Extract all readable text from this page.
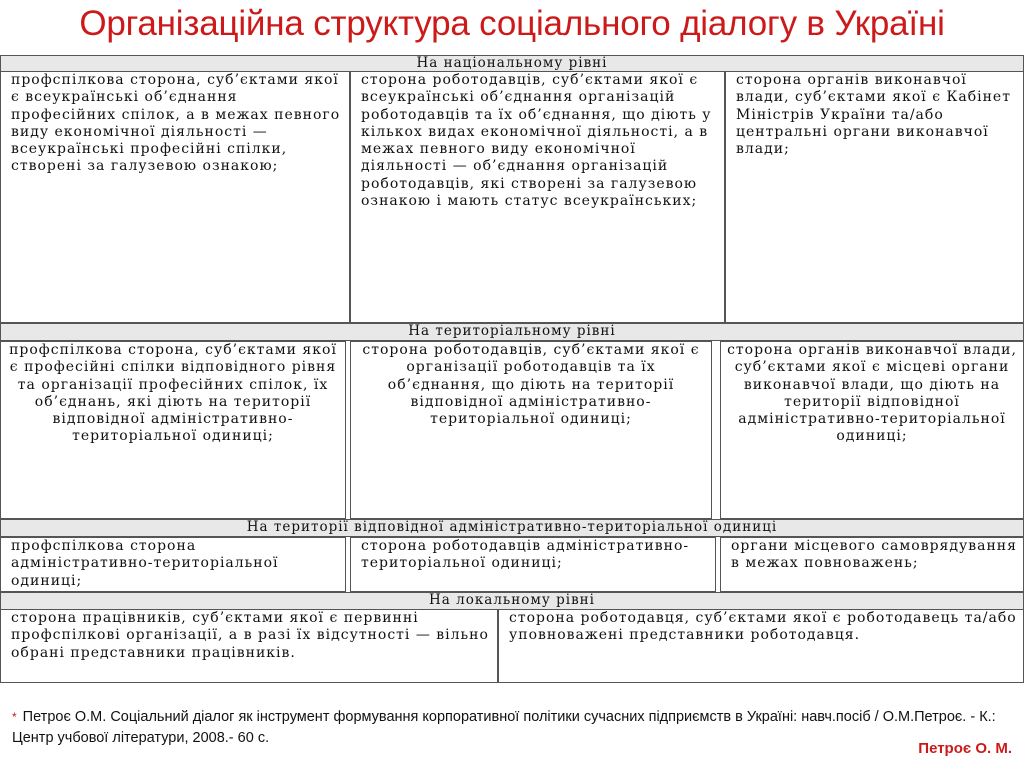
Організаційна структура соціального діалогу в Україні
На національному рівні
профспілкова сторона, суб’єктами якої є всеукраїнські об’єднання професійних спілок, а в межах певного виду економічної діяльності — всеукраїнські професійні спілки, створені за галузевою ознакою;
сторона роботодавців, суб’єктами якої є всеукраїнські об’єднання організацій роботодавців та їх об’єднання, що діють у кількох видах економічної діяльності, а в межах певного виду економічної діяльності — об’єднання організацій роботодавців, які створені за галузевою ознакою і мають статус всеукраїнських;
сторона органів виконавчої влади, суб’єктами якої є Кабінет Міністрів України та/або центральні органи виконавчої влади;
На територіальному рівні
профспілкова сторона, суб’єктами якої є професійні спілки відповідного рівня та організації професійних спілок, їх об’єднань, які діють на території відповідної адміністративно-територіальної одиниці;
сторона роботодавців, суб’єктами якої є організації роботодавців та їх об’єднання, що діють на території відповідної адміністративно-територіальної одиниці;
сторона органів виконавчої влади, суб’єктами якої є місцеві органи виконавчої влади, що діють на території відповідної адміністративно-територіальної одиниці;
На території відповідної адміністративно-територіальної одиниці
профспілкова сторона адміністративно-територіальної одиниці;
сторона роботодавців адміністративно-територіальної одиниці;
органи місцевого самоврядування в межах повноважень;
На локальному рівні
сторона працівників, суб’єктами якої є первинні профспілкові організації, а в разі їх відсутності — вільно обрані представники працівників.
сторона роботодавця, суб’єктами якої є роботодавець та/або уповноважені представники роботодавця.
* Петроє О.М. Соціальний діалог як інструмент формування корпоративної політики сучасних підприємств в Україні: навч.посіб / О.М.Петроє. - К.: Центр учбової літератури, 2008.- 60 с.
Петроє О. М.
